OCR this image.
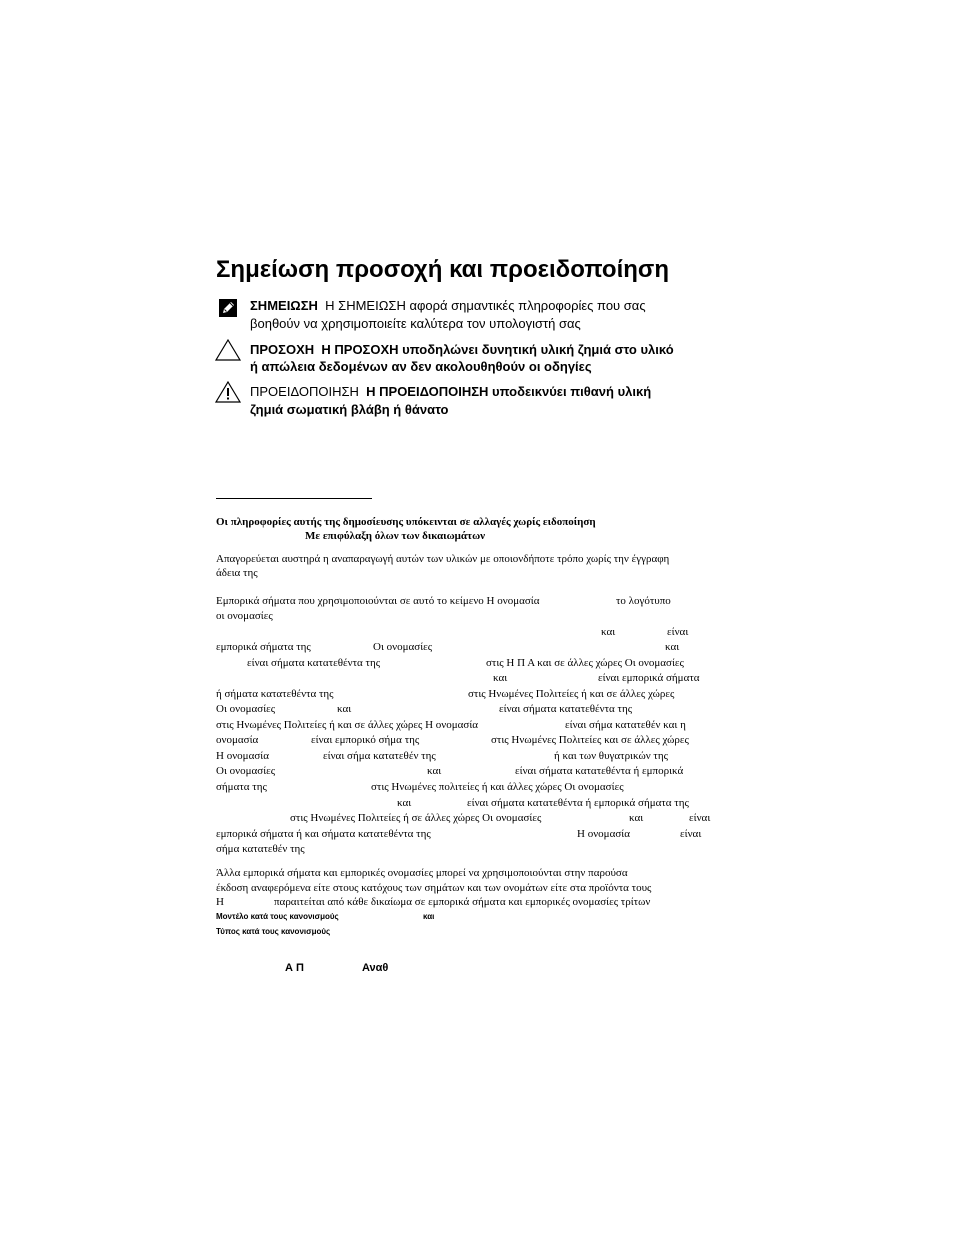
Σημείωση προσοχή και προειδοποίηση
ΣΗΜΕΙΩΣΗ Η ΣΗΜΕΙΩΣΗ αφορά σημαντικές πληροφορίες που σας
βοηθούν να χρησιμοποιείτε καλύτερα τον υπολογιστή σας
ΠΡΟΣΟΧΗ Η ΠΡΟΣΟΧΗ υποδηλώνει δυνητική υλική ζημιά στο υλικό
ή απώλεια δεδομένων αν δεν ακολουθηθούν οι οδηγίες
ΠΡΟΕΙΔΟΠΟΙΗΣΗ Η ΠΡΟΕΙΔΟΠΟΙΗΣΗ υποδεικνύει πιθανή υλική
ζημιά σωματική βλάβη ή θάνατο
Οι πληροφορίες αυτής της δημοσίευσης υπόκεινται σε αλλαγές χωρίς ειδοποίηση
Με επιφύλαξη όλων των δικαιωμάτων
Απαγορεύεται αυστηρά η αναπαραγωγή αυτών των υλικών με οποιονδήποτε τρόπο χωρίς την έγγραφη
άδεια της
Εμπορικά σήματα που χρησιμοποιούνται σε αυτό το κείμενο Η ονομασία	το λογότυπο
οι ονομασίες
και	είναι
εμπορικά σήματα της	Οι ονομασίες	και
είναι σήματα κατατεθέντα της	στις Η Π Α και σε άλλες χώρες Οι ονομασίες
και	είναι εμπορικά σήματα
ή σήματα κατατεθέντα της	στις Ηνωμένες Πολιτείες ή και σε άλλες χώρες
Οι ονομασίες	και	είναι σήματα κατατεθέντα της
στις Ηνωμένες Πολιτείες ή και σε άλλες χώρες Η ονομασία	είναι σήμα κατατεθέν και η
ονομασία	είναι εμπορικό σήμα της	στις Ηνωμένες Πολιτείες και σε άλλες χώρες
Η ονομασία	είναι σήμα κατατεθέν της	ή και των θυγατρικών της
Οι ονομασίες	και	είναι σήματα κατατεθέντα ή εμπορικά
σήματα της	στις Ηνωμένες πολιτείες ή και άλλες χώρες Οι ονομασίες
και	είναι σήματα κατατεθέντα ή εμπορικά σήματα της
στις Ηνωμένες Πολιτείες ή σε άλλες χώρες Οι ονομασίες	και	είναι
εμπορικά σήματα ή και σήματα κατατεθέντα της	Η ονομασία	είναι
σήμα κατατεθέν της
Άλλα εμπορικά σήματα και εμπορικές ονομασίες μπορεί να χρησιμοποιούνται στην παρούσα
έκδοση αναφερόμενα είτε στους κατόχους των σημάτων και των ονομάτων είτε στα προϊόντα τους
Η	παραιτείται από κάθε δικαίωμα σε εμπορικά σήματα και εμπορικές ονομασίες τρίτων
Μοντέλο κατά τους κανονισμούς	και
Τύπος κατά τους κανονισμούς
Α Π	Αναθ
